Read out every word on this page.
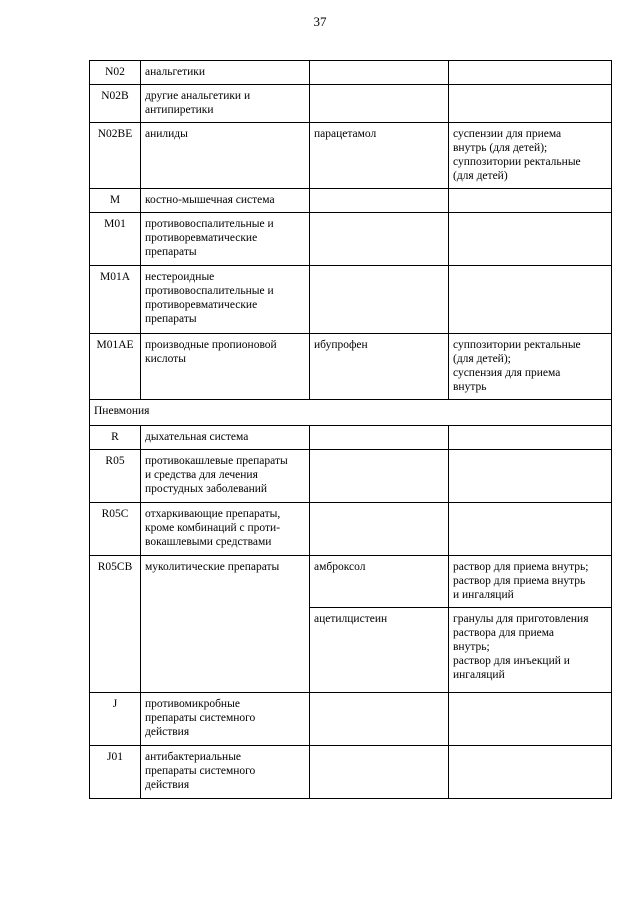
37
N02	анальгетики		

N02B	другие анальгетики и
антипиретики		

N02BE	анилиды	парацетамол	суспензии для приема
внутрь (для детей);
суппозитории ректальные
(для детей)

M	костно-мышечная система		

M01	противовоспалительные и
противоревматические
препараты		

M01A	нестероидные
противовоспалительные и
противоревматические
препараты		

M01AE	производные пропионовой
кислоты	ибупрофен	суппозитории ректальные
(для детей);
суспензия для приема
внутрь

Пневмония			
R	дыхательная система		

R05	противокашлевые препараты
и средства для лечения
простудных заболеваний		

R05C	отхаркивающие препараты,
кроме комбинаций с проти-
вокашлевыми средствами		

R05CB	муколитические препараты	амброксол	раствор для приема внутрь;
раствор для приема внутрь
и ингаляций

		ацетилцистеин	гранулы для приготовления
раствора для приема
внутрь;
раствор для инъекций и
ингаляций

J	противомикробные
препараты системного
действия		

J01	антибактериальные
препараты системного
действия		
